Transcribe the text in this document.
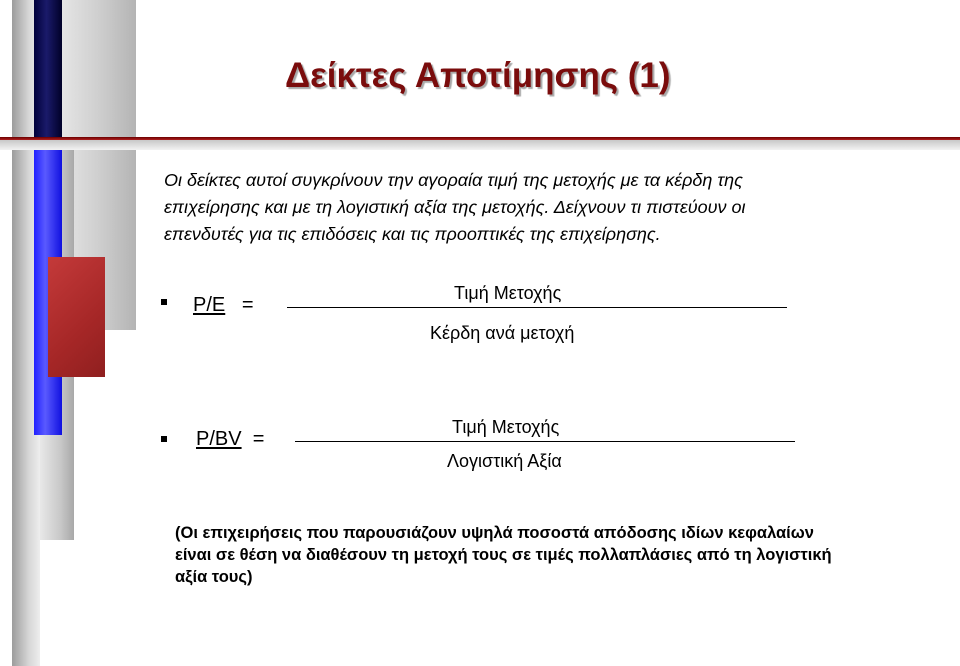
Δείκτες Αποτίμησης (1)

Οι δείκτες αυτοί συγκρίνουν την αγοραία τιμή της μετοχής με τα κέρδη της
επιχείρησης και με τη λογιστική αξία της μετοχής. Δείχνουν τι πιστεύουν οι
επενδυτές για τις επιδόσεις και τις προοπτικές της επιχείρησης.

P/E =
Τιμή Μετοχής
Κέρδη ανά μετοχή
P/BV =
Τιμή Μετοχής
Λογιστική Αξία

(Οι επιχειρήσεις που παρουσιάζουν υψηλά ποσοστά απόδοσης ιδίων κεφαλαίων
είναι σε θέση να διαθέσουν τη μετοχή τους σε τιμές πολλαπλάσιες από τη λογιστική
αξία τους)
